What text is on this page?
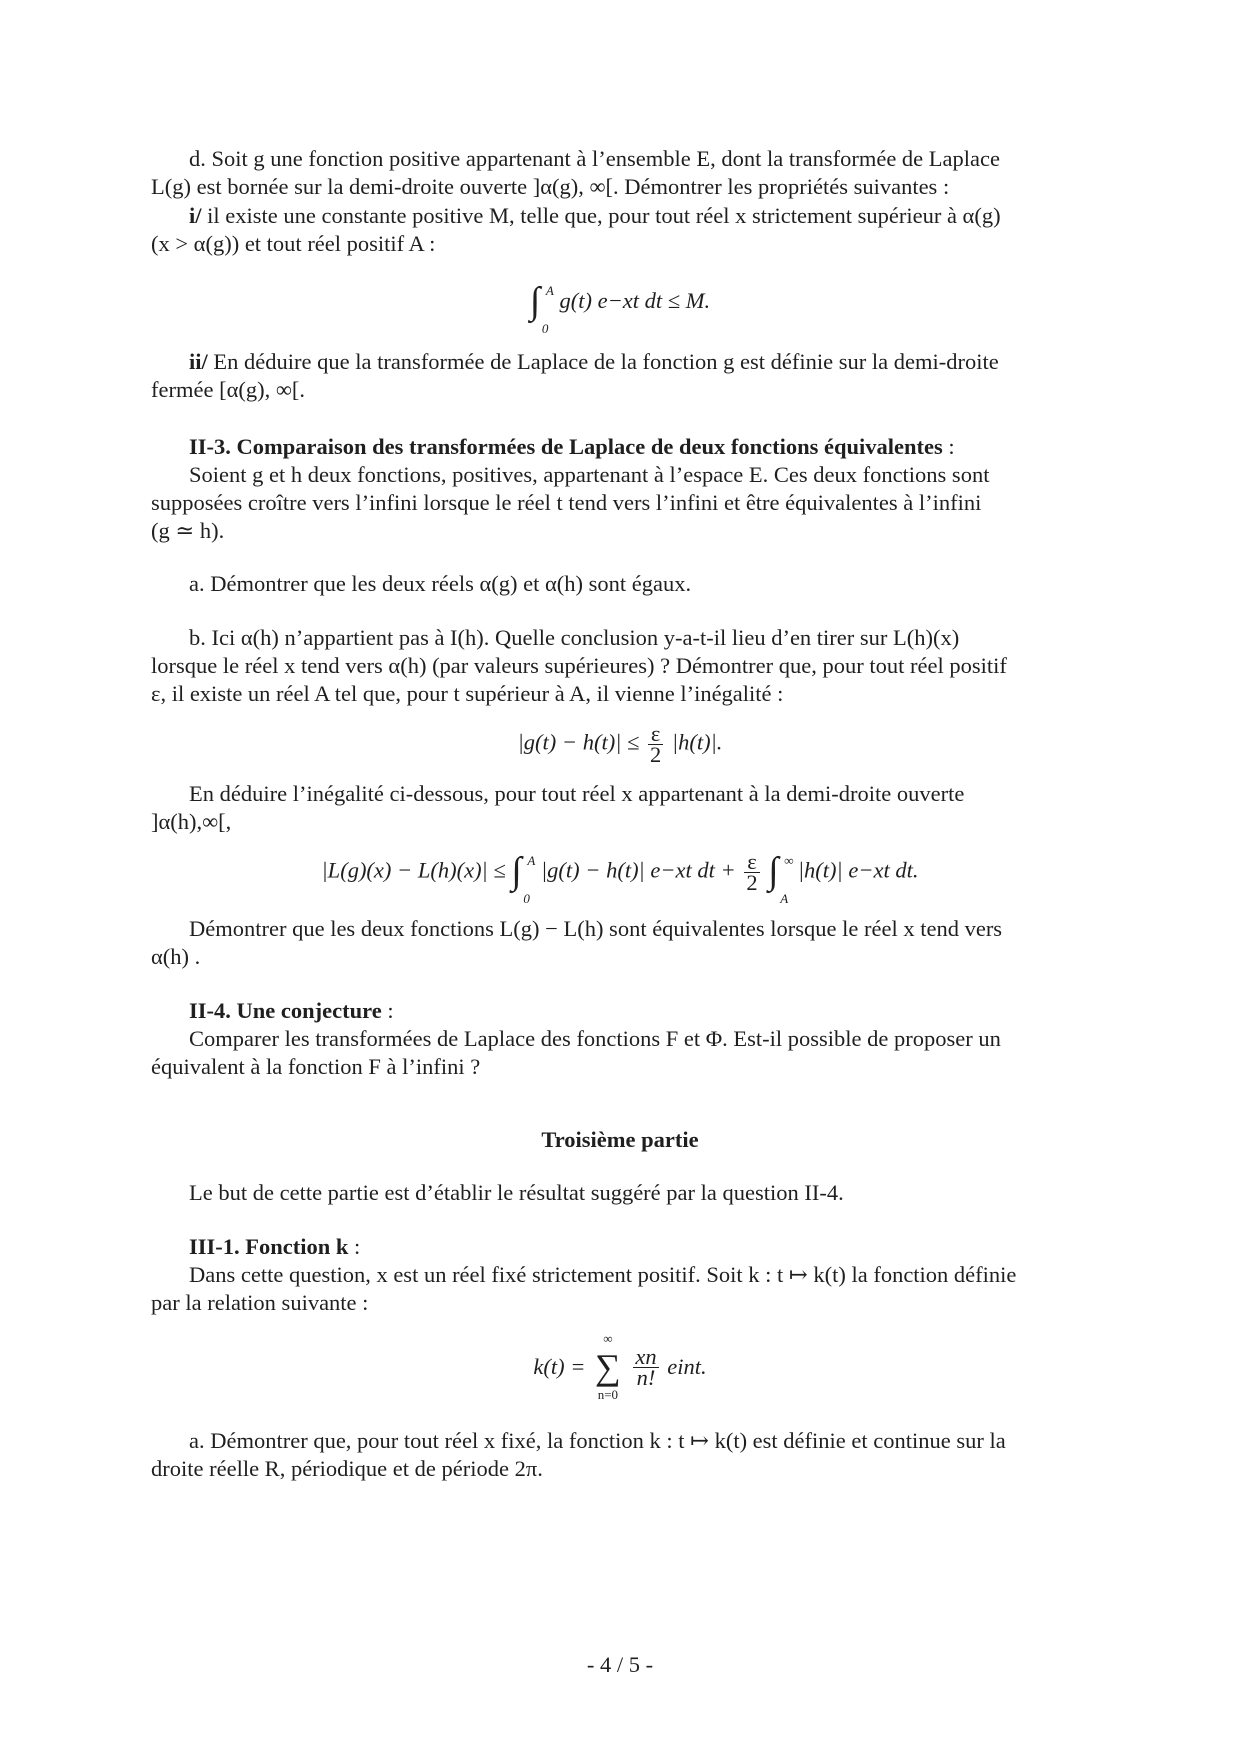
d. Soit g une fonction positive appartenant à l’ensemble E, dont la transformée de Laplace
L(g) est bornée sur la demi-droite ouverte ]α(g), ∞[. Démontrer les propriétés suivantes :
i/ il existe une constante positive M, telle que, pour tout réel x strictement supérieur à α(g)
(x > α(g)) et tout réel positif A :
∫ A
0
g(t) e−xt dt ≤ M.
ii/ En déduire que la transformée de Laplace de la fonction g est définie sur la demi-droite
fermée [α(g), ∞[.
II-3. Comparaison des transformées de Laplace de deux fonctions équivalentes :
Soient g et h deux fonctions, positives, appartenant à l’espace E. Ces deux fonctions sont
supposées croître vers l’infini lorsque le réel t tend vers l’infini et être équivalentes à l’infini
(g ≃ h).
a. Démontrer que les deux réels α(g) et α(h) sont égaux.
b. Ici α(h) n’appartient pas à I(h). Quelle conclusion y-a-t-il lieu d’en tirer sur L(h)(x)
lorsque le réel x tend vers α(h) (par valeurs supérieures) ? Démontrer que, pour tout réel positif
ε, il existe un réel A tel que, pour t supérieur à A, il vienne l’inégalité :
$|g(t) - h(t)| \le \frac{\varepsilon}{2} |h(t)|$.
En déduire l’inégalité ci-dessous, pour tout réel x appartenant à la demi-droite ouverte
]α(h),∞[,
|L(g)(x) − L(h)(x)| ≤ ∫ A
0
|g(t) − h(t)| e−xt dt + $\frac{\varepsilon}{2}$
∫ ∞
A
|h(t)| e−xt dt.
Démontrer que les deux fonctions L(g) − L(h) sont équivalentes lorsque le réel x tend vers
α(h) .
II-4. Une conjecture :
Comparer les transformées de Laplace des fonctions F et Φ. Est-il possible de proposer un
équivalent à la fonction F à l’infini ?
Troisième partie
Le but de cette partie est d’établir le résultat suggéré par la question II-4.
III-1. Fonction k :
Dans cette question, x est un réel fixé strictement positif. Soit k : t ↦ k(t) la fonction définie
par la relation suivante :
k(t) =
∞
∑
n=0

$\frac{xn}{n!}$ eint.
a. Démontrer que, pour tout réel x fixé, la fonction k : t ↦ k(t) est définie et continue sur la
droite réelle R, périodique et de période 2π.
- 4 / 5 -
